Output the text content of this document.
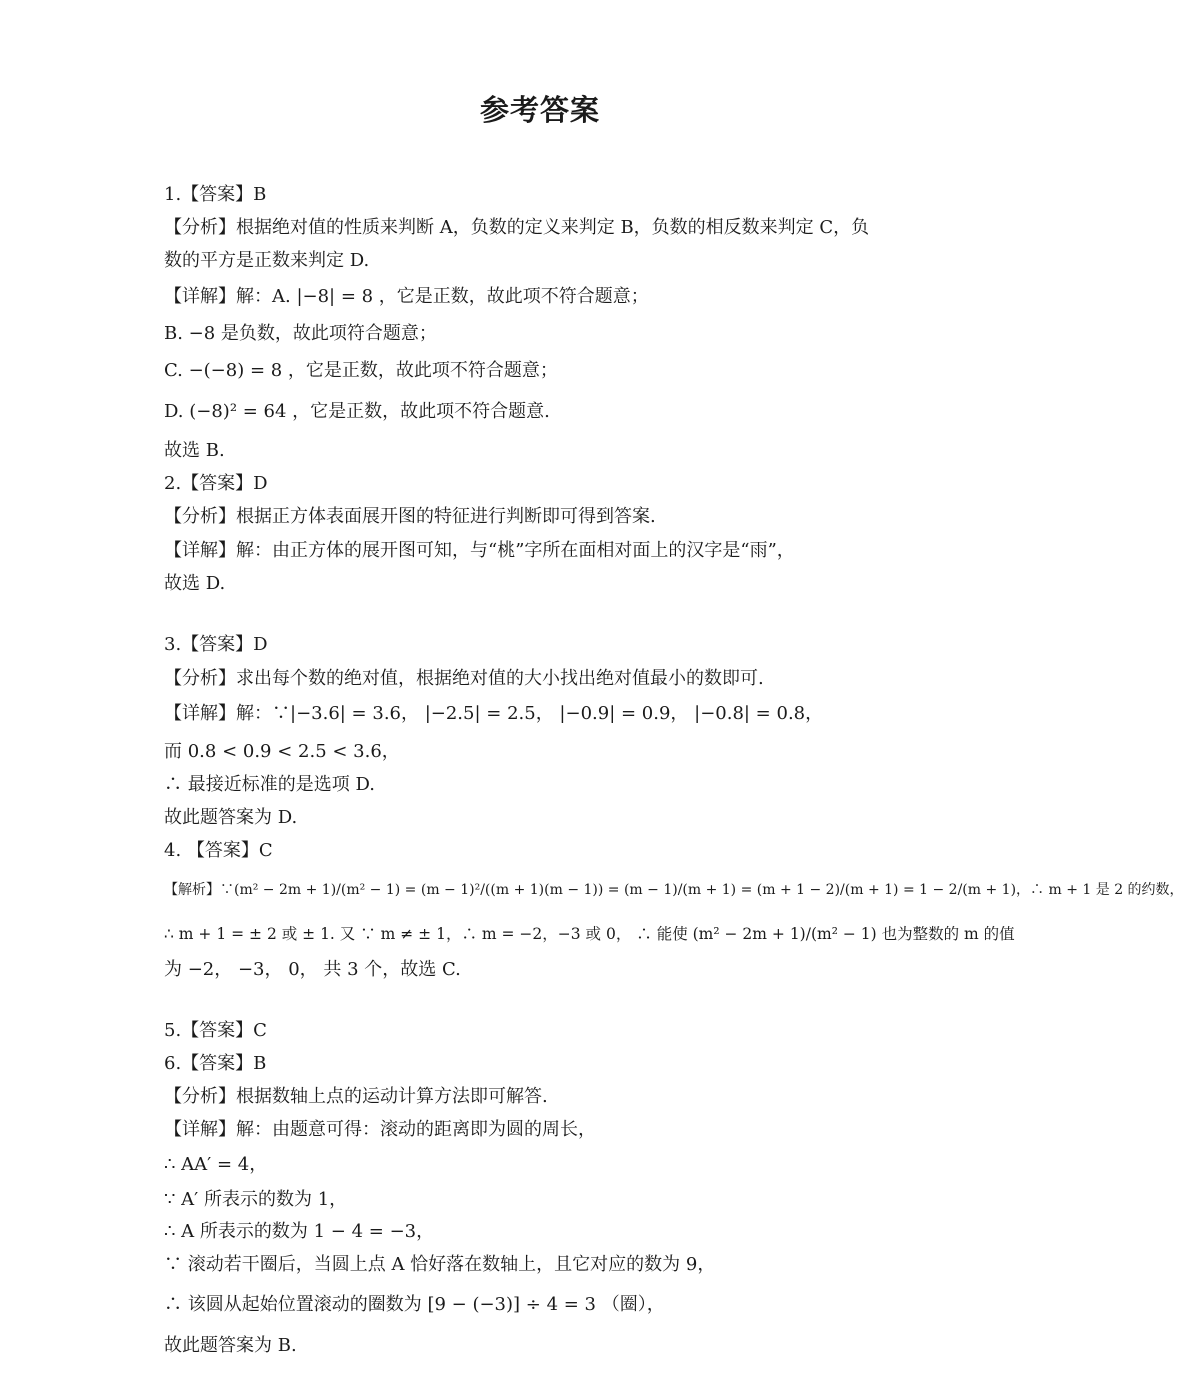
参考答案
1.【答案】B
【分析】根据绝对值的性质来判断 A，负数的定义来判定 B，负数的相反数来判定 C，负
数的平方是正数来判定 D.
【详解】解：A. |−8| = 8 ，它是正数，故此项不符合题意；
B. −8 是负数，故此项符合题意；
C. −(−8) = 8 ，它是正数，故此项不符合题意；
D. (−8)² = 64 ，它是正数，故此项不符合题意.
故选 B.
2.【答案】D
【分析】根据正方体表面展开图的特征进行判断即可得到答案.
【详解】解：由正方体的展开图可知，与“桃”字所在面相对面上的汉字是“雨”，
故选 D.
3.【答案】D
【分析】求出每个数的绝对值，根据绝对值的大小找出绝对值最小的数即可.
【详解】解：∵|−3.6| = 3.6， |−2.5| = 2.5， |−0.9| = 0.9， |−0.8| = 0.8，
而 0.8 < 0.9 < 2.5 < 3.6，
∴ 最接近标准的是选项 D.
故此题答案为 D.
4. 【答案】C
【解析】∵(m² − 2m + 1)/(m² − 1) = (m − 1)²/((m + 1)(m − 1)) = (m − 1)/(m + 1) = (m + 1 − 2)/(m + 1) = 1 − 2/(m + 1)，∴ m + 1 是 2 的约数，
∴ m + 1 = ± 2 或 ± 1. 又 ∵ m ≠ ± 1，∴ m = −2，−3 或 0， ∴ 能使 (m² − 2m + 1)/(m² − 1) 也为整数的 m 的值
为 −2， −3， 0， 共 3 个，故选 C.
5.【答案】C
6.【答案】B
【分析】根据数轴上点的运动计算方法即可解答.
【详解】解：由题意可得：滚动的距离即为圆的周长，
∴ AA′ = 4，
∵ A′ 所表示的数为 1，
∴ A 所表示的数为 1 − 4 = −3，
∵ 滚动若干圈后，当圆上点 A 恰好落在数轴上，且它对应的数为 9，
∴ 该圆从起始位置滚动的圈数为 [9 − (−3)] ÷ 4 = 3 （圈），
故此题答案为 B.
